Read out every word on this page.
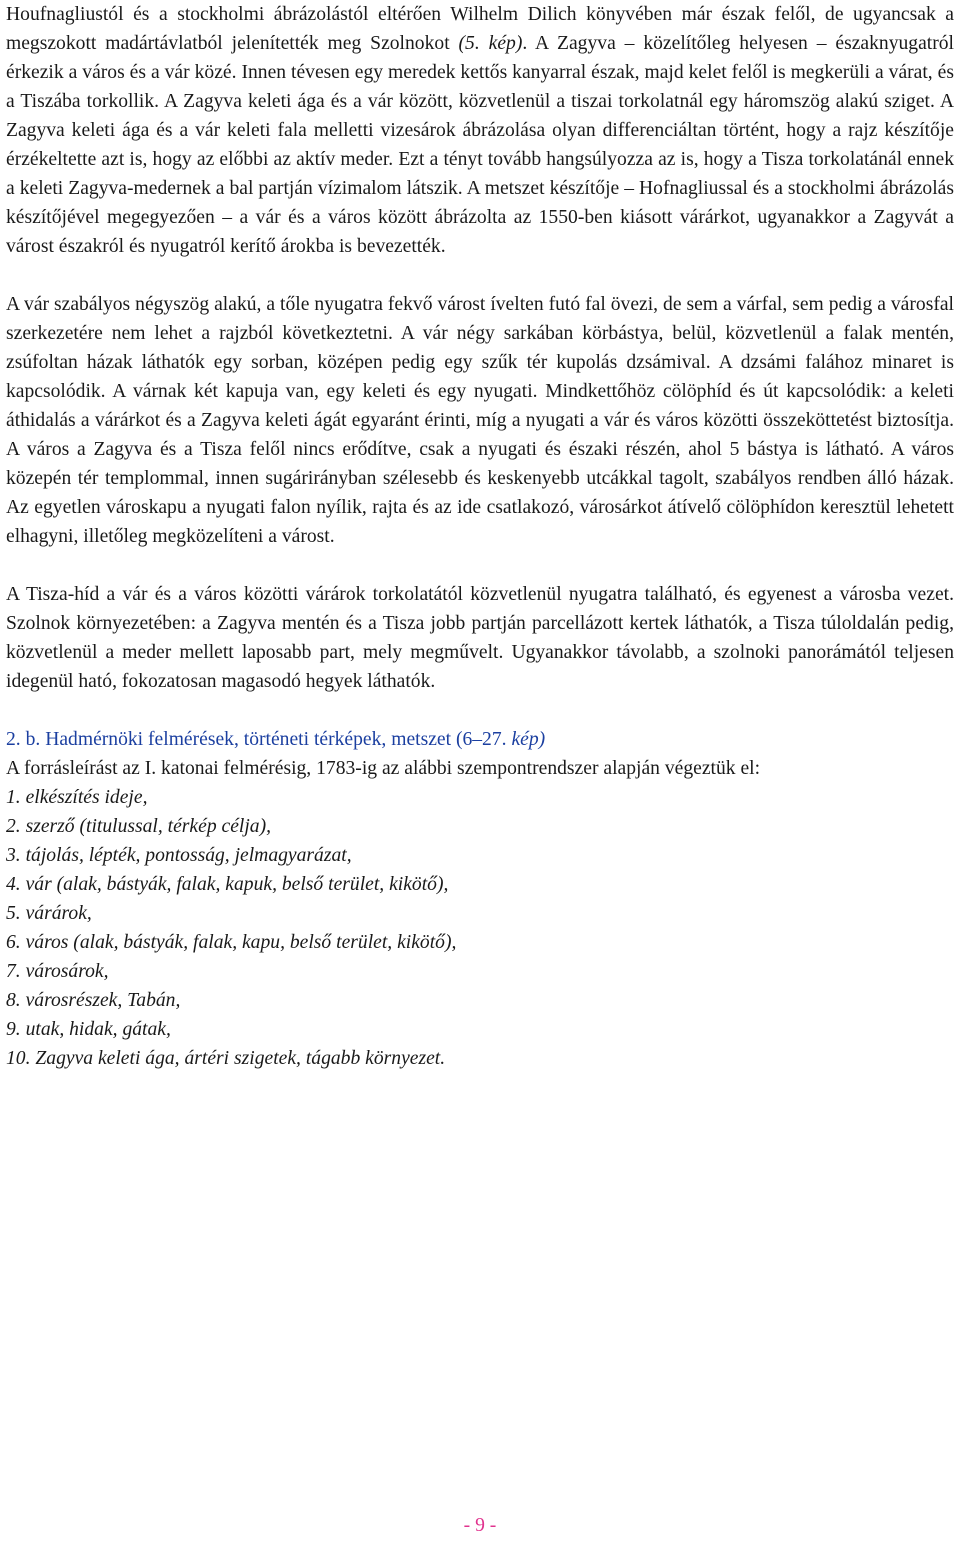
Houfnagliustól és a stockholmi ábrázolástól eltérően Wilhelm Dilich könyvében már észak felől, de ugyancsak a megszokott madártávlatból jelenítették meg Szolnokot (5. kép). A Zagyva – közelítőleg helyesen – északnyugatról érkezik a város és a vár közé. Innen tévesen egy meredek kettős kanyarral észak, majd kelet felől is megkerüli a várat, és a Tiszába torkollik. A Zagyva keleti ága és a vár között, közvetlenül a tiszai torkolatnál egy háromszög alakú sziget. A Zagyva keleti ága és a vár keleti fala melletti vizesárok ábrázolása olyan differenciáltan történt, hogy a rajz készítője érzékeltette azt is, hogy az előbbi az aktív meder. Ezt a tényt tovább hangsúlyozza az is, hogy a Tisza torkolatánál ennek a keleti Zagyva-medernek a bal partján vízimalom látszik. A metszet készítője – Hofnagliussal és a stockholmi ábrázolás készítőjével megegyezően – a vár és a város között ábrázolta az 1550-ben kiásott várárkot, ugyanakkor a Zagyvát a várost északról és nyugatról kerítő árokba is bevezették.

A vár szabályos négyszög alakú, a tőle nyugatra fekvő várost ívelten futó fal övezi, de sem a várfal, sem pedig a városfal szerkezetére nem lehet a rajzból következtetni. A vár négy sarkában körbástya, belül, közvetlenül a falak mentén, zsúfoltan házak láthatók egy sorban, középen pedig egy szűk tér kupolás dzsámival. A dzsámi falához minaret is kapcsolódik. A várnak két kapuja van, egy keleti és egy nyugati. Mindkettőhöz cölöphíd és út kapcsolódik: a keleti áthidalás a várárkot és a Zagyva keleti ágát egyaránt érinti, míg a nyugati a vár és város közötti összeköttetést biztosítja. A város a Zagyva és a Tisza felől nincs erődítve, csak a nyugati és északi részén, ahol 5 bástya is látható. A város közepén tér templommal, innen sugárirányban szélesebb és keskenyebb utcákkal tagolt, szabályos rendben álló házak. Az egyetlen városkapu a nyugati falon nyílik, rajta és az ide csatlakozó, városárkot átívelő cölöphídon keresztül lehetett elhagyni, illetőleg megközelíteni a várost.

A Tisza-híd a vár és a város közötti várárok torkolatától közvetlenül nyugatra található, és egyenest a városba vezet. Szolnok környezetében: a Zagyva mentén és a Tisza jobb partján parcellázott kertek láthatók, a Tisza túloldalán pedig, közvetlenül a meder mellett laposabb part, mely megművelt. Ugyanakkor távolabb, a szolnoki panorámától teljesen idegenül ható, fokozatosan magasodó hegyek láthatók.

2. b. Hadmérnöki felmérések, történeti térképek, metszet (6–27. kép)

A forrásleírást az I. katonai felmérésig, 1783-ig az alábbi szempontrendszer alapján végeztük el:

1. elkészítés ideje,
2. szerző (titulussal, térkép célja),
3. tájolás, lépték, pontosság, jelmagyarázat,
4. vár (alak, bástyák, falak, kapuk, belső terület, kikötő),
5. várárok,
6. város (alak, bástyák, falak, kapu, belső terület, kikötő),
7. városárok,
8. városrészek, Tabán,
9. utak, hidak, gátak,
10. Zagyva keleti ága, ártéri szigetek, tágabb környezet.
- 9 -
